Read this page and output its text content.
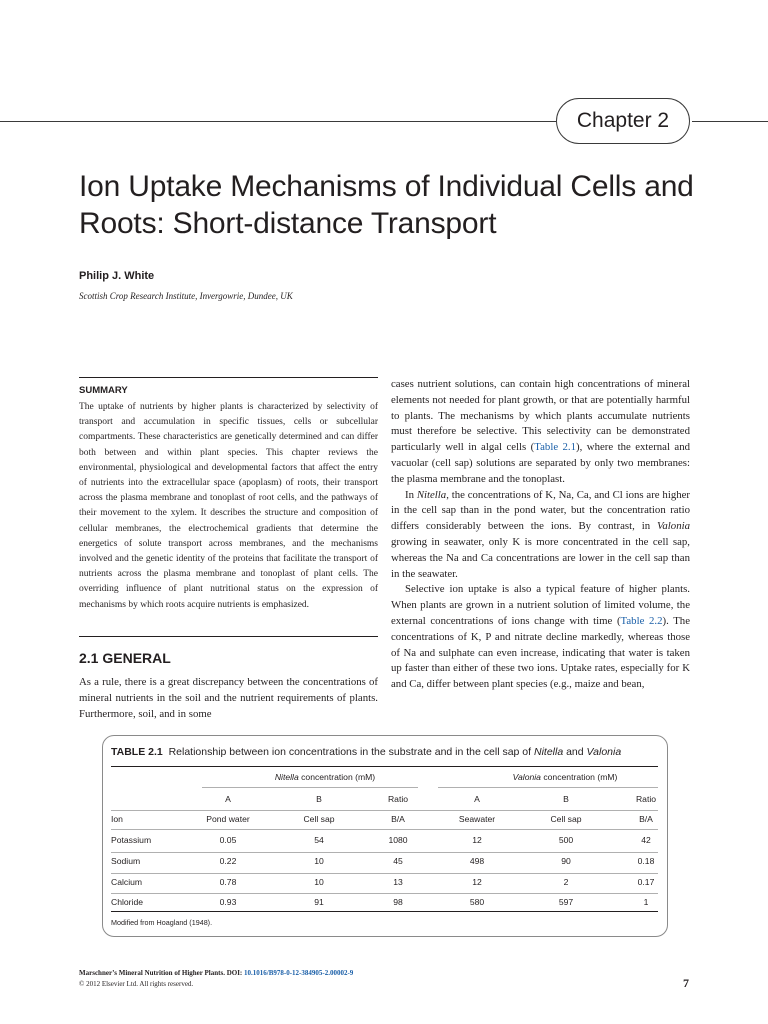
Chapter 2
Ion Uptake Mechanisms of Individual Cells and Roots: Short-distance Transport
Philip J. White
Scottish Crop Research Institute, Invergowrie, Dundee, UK
SUMMARY
The uptake of nutrients by higher plants is characterized by selectivity of transport and accumulation in specific tissues, cells or subcellular compartments. These characteristics are genetically determined and can differ both between and within plant species. This chapter reviews the environmental, physiological and developmental factors that affect the entry of nutrients into the extracellular space (apoplasm) of roots, their transport across the plasma membrane and tonoplast of root cells, and the pathways of their movement to the xylem. It describes the structure and composition of cellular membranes, the electrochemical gradients that determine the energetics of solute transport across membranes, and the mechanisms involved and the genetic identity of the proteins that facilitate the transport of nutrients across the plasma membrane and tonoplast of plant cells. The overriding influence of plant nutritional status on the expression of mechanisms by which roots acquire nutrients is emphasized.
2.1 GENERAL

As a rule, there is a great discrepancy between the concentrations of mineral nutrients in the soil and the nutrient requirements of plants. Furthermore, soil, and in some

cases nutrient solutions, can contain high concentrations of mineral elements not needed for plant growth, or that are potentially harmful to plants. The mechanisms by which plants accumulate nutrients must therefore be selective. This selectivity can be demonstrated particularly well in algal cells (Table 2.1), where the external and vacuolar (cell sap) solutions are separated by only two membranes: the plasma membrane and the tonoplast.

In Nitella, the concentrations of K, Na, Ca, and Cl ions are higher in the cell sap than in the pond water, but the concentration ratio differs considerably between the ions. By contrast, in Valonia growing in seawater, only K is more concentrated in the cell sap, whereas the Na and Ca concentrations are lower in the cell sap than in the seawater.

Selective ion uptake is also a typical feature of higher plants. When plants are grown in a nutrient solution of limited volume, the external concentrations of ions change with time (Table 2.2). The concentrations of K, P and nitrate decline markedly, whereas those of Na and sulphate can even increase, indicating that water is taken up faster than either of these two ions. Uptake rates, especially for K and Ca, differ between plant species (e.g., maize and bean,

TABLE 2.1 Relationship between ion concentrations in the substrate and in the cell sap of Nitella and Valonia
Nitella concentration (mM)	Valonia concentration (mM)
A	B	Ratio	A	B	Ratio
Ion	Pond water	Cell sap	B/A	Seawater	Cell sap	B/A
Potassium	0.05	54	1080	12	500	42
Sodium	0.22	10	45	498	90	0.18
Calcium	0.78	10	13	12	2	0.17
Chloride	0.93	91	98	580	597	1
Modified from Hoagland (1948).
Marschner’s Mineral Nutrition of Higher Plants. DOI: 10.1016/B978-0-12-384905-2.00002-9
© 2012 Elsevier Ltd. All rights reserved.	7
